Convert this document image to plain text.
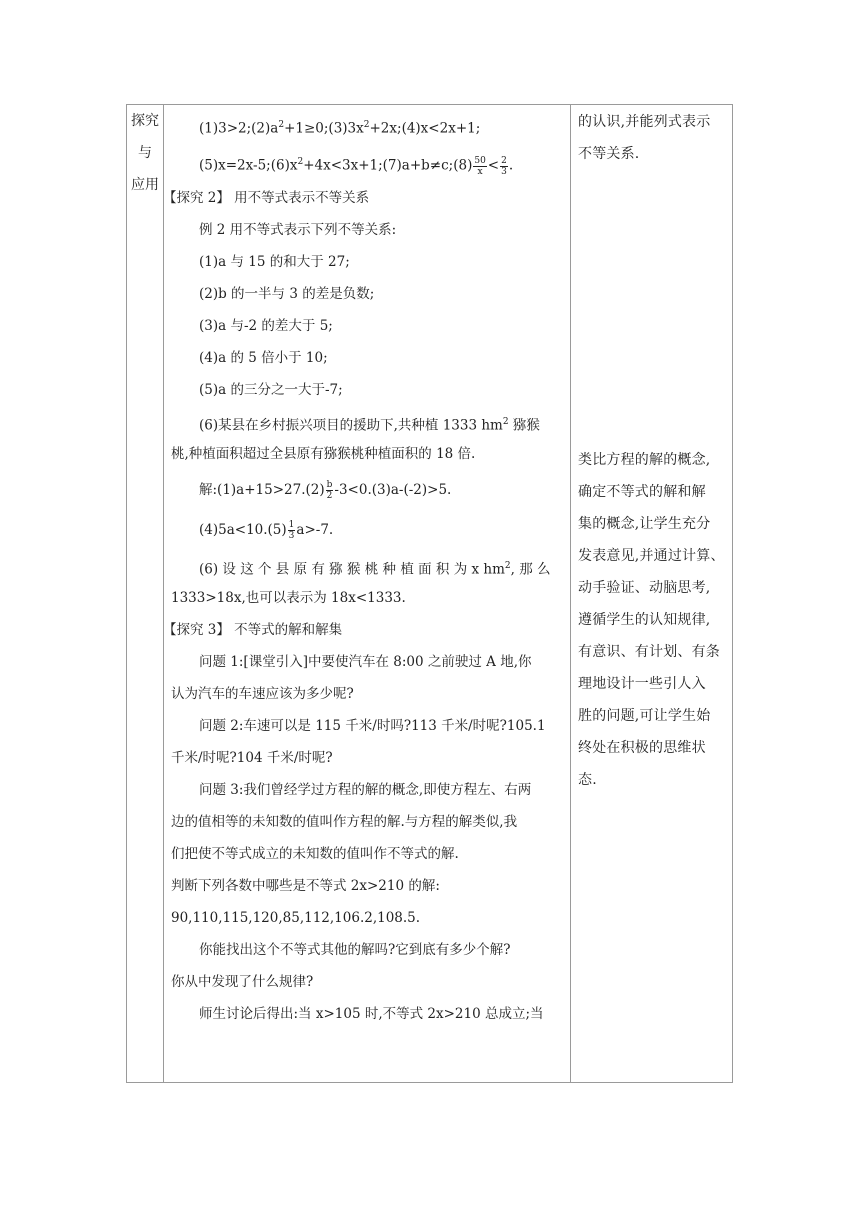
探究
与
应用
$(1)3>2;(2)a^2+1\ge 0;(3)3x^2+2x;(4)x<2x+1$;
$(5)x=2x-5;(6)x^2+4x<3x+1;(7)a+b\ne c;(8) \frac{50}{x} < \frac{2}{3}$ .
【探究 2】 用不等式表示不等关系
例 2 用不等式表示下列不等关系:
(1)a 与 15 的和大于 27;
(2)b 的一半与 3 的差是负数;
(3)a 与-2 的差大于 5;
(4)a 的 5 倍小于 10;
(5)a 的三分之一大于-7;
(6)某县在乡村振兴项目的援助下,共种植 1333 $hm^2$ 猕猴
桃,种植面积超过全县原有猕猴桃种植面积的 18 倍.
解:(1)a+15>27.(2) $\frac{b}{2} -3<0.(3)a-(-2)>5$.
$(4)5a<10.(5) \frac{1}{3} a>-7$.
(6) 设 这 个 县 原 有 猕 猴 桃 种 植 面 积 为 x $hm^2$, 那 么
1333>18x,也可以表示为 18x<1333.
【探究 3】 不等式的解和解集
问题 1:[课堂引入]中要使汽车在 8:00 之前驶过 A 地,你
认为汽车的车速应该为多少呢?
问题 2:车速可以是 115 千米/时吗?113 千米/时呢?105.1
千米/时呢?104 千米/时呢?
问题 3:我们曾经学过方程的解的概念,即使方程左、右两
边的值相等的未知数的值叫作方程的解.与方程的解类似,我
们把使不等式成立的未知数的值叫作不等式的解.
判断下列各数中哪些是不等式 2x>210 的解:
90,110,115,120,85,112,106.2,108.5.
你能找出这个不等式其他的解吗?它到底有多少个解?
你从中发现了什么规律?
师生讨论后得出:当 x>105 时,不等式 2x>210 总成立;当
的认识,并能列式表示
不等关系.
类比方程的解的概念,
确定不等式的解和解
集的概念,让学生充分
发表意见,并通过计算、
动手验证、动脑思考,
遵循学生的认知规律,
有意识、有计划、有条
理地设计一些引人入
胜的问题,可让学生始
终处在积极的思维状
态.
